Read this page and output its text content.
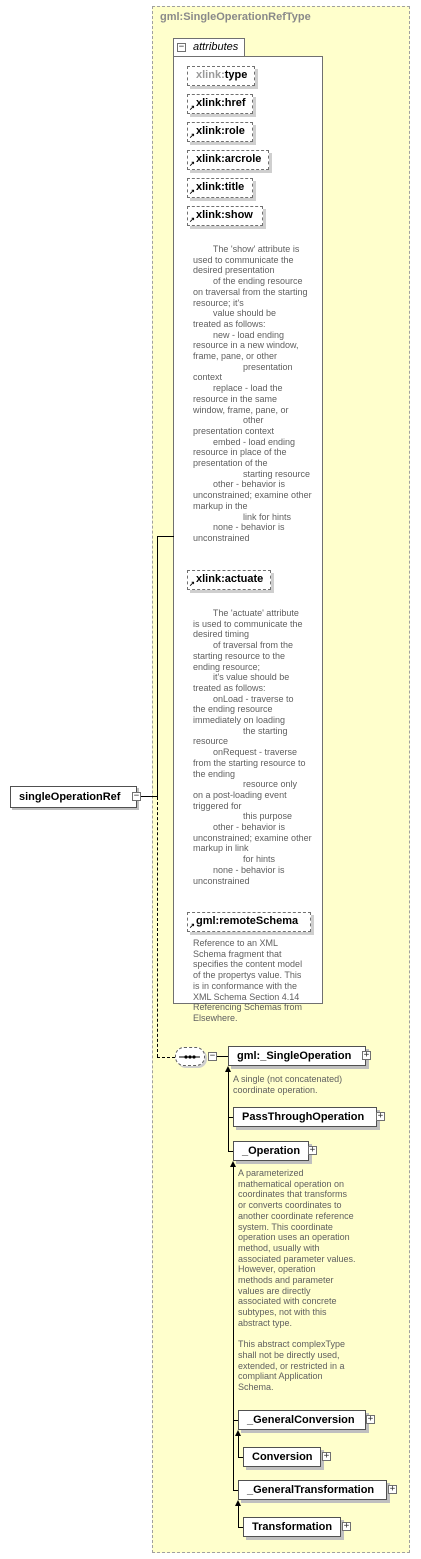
gml:SingleOperationRefType
− attributes
xlink:type
↗ xlink:href
↗ xlink:role
↗ xlink:arcrole
↗ xlink:title
↗ xlink:show
The 'show' attribute is
used to communicate the
desired presentation
of the ending resource
on traversal from the starting
resource; it's
value should be
treated as follows:
new - load ending
resource in a new window,
frame, pane, or other
presentation
context
replace - load the
resource in the same
window, frame, pane, or
other
presentation context
embed - load ending
resource in place of the
presentation of the
starting resource
other - behavior is
unconstrained; examine other
markup in the
link for hints
none - behavior is
unconstrained
↗ xlink:actuate
The 'actuate' attribute
is used to communicate the
desired timing
of traversal from the
starting resource to the
ending resource;
it's value should be
treated as follows:
onLoad - traverse to
the ending resource
immediately on loading
the starting
resource
onRequest - traverse
from the starting resource to
the ending
resource only
on a post-loading event
triggered for
this purpose
other - behavior is
unconstrained; examine other
markup in link
for hints
none - behavior is
unconstrained
↗ gml:remoteSchema
Reference to an XML
Schema fragment that
specifies the content model
of the propertys value. This
is in conformance with the
XML Schema Section 4.14
Referencing Schemas from
Elsewhere.
singleOperationRef	−
−	gml:_SingleOperation	+
A single (not concatenated)
coordinate operation.
PassThroughOperation	+
_Operation	+
A parameterized
mathematical operation on
coordinates that transforms
or converts coordinates to
another coordinate reference
system. This coordinate
operation uses an operation
method, usually with
associated parameter values.
However, operation
methods and parameter
values are directly
associated with concrete
subtypes, not with this
abstract type.

This abstract complexType
shall not be directly used,
extended, or restricted in a
compliant Application
Schema.
_GeneralConversion	+
Conversion	+
_GeneralTransformation	+
Transformation	+
